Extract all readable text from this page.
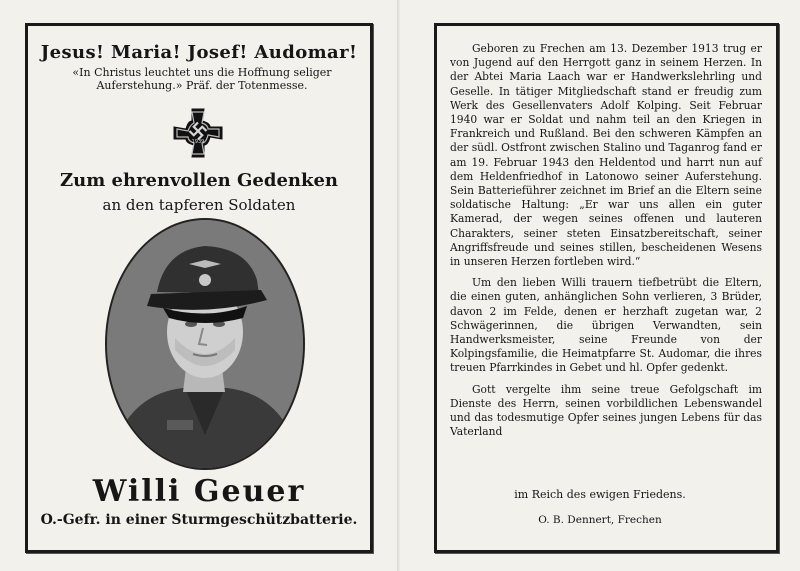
Jesus! Maria! Josef! Audomar!
«In Christus leuchtet uns die Hoffnung seliger Auferstehung.» Präf. der Totenmesse.
1939
Zum ehrenvollen Gedenken
an den tapferen Soldaten
Willi Geuer
O.-Gefr. in einer Sturmgeschützbatterie.

Geboren zu Frechen am 13. Dezember 1913 trug er von Jugend auf den Herrgott ganz in seinem Herzen. In der Abtei Maria Laach war er Handwerkslehrling und Geselle. In tätiger Mitgliedschaft stand er freudig zum Werk des Gesellenvaters Adolf Kolping. Seit Februar 1940 war er Soldat und nahm teil an den Kriegen in Frankreich und Rußland. Bei den schweren Kämpfen an der südl. Ostfront zwischen Stalino und Taganrog fand er am 19. Februar 1943 den Heldentod und harrt nun auf dem Heldenfriedhof in Latonowo seiner Auferstehung. Sein Batterieführer zeichnet im Brief an die Eltern seine soldatische Haltung: „Er war uns allen ein guter Kamerad, der wegen seines offenen und lauteren Charakters, seiner steten Einsatzbereitschaft, seiner Angriffsfreude und seines stillen, bescheidenen Wesens in unseren Herzen fortleben wird.“

Um den lieben Willi trauern tiefbetrübt die Eltern, die einen guten, anhänglichen Sohn verlieren, 3 Brüder, davon 2 im Felde, denen er herzhaft zugetan war, 2 Schwägerinnen, die übrigen Verwandten, sein Handwerksmeister, seine Freunde von der Kolpingsfamilie, die Heimatpfarre St. Audomar, die ihres treuen Pfarrkindes in Gebet und hl. Opfer gedenkt.

Gott vergelte ihm seine treue Gefolgschaft im Dienste des Herrn, seinen vorbildlichen Lebenswandel und das todesmutige Opfer seines jungen Lebens für das Vaterland

im Reich des ewigen Friedens.
O. B. Dennert, Frechen
